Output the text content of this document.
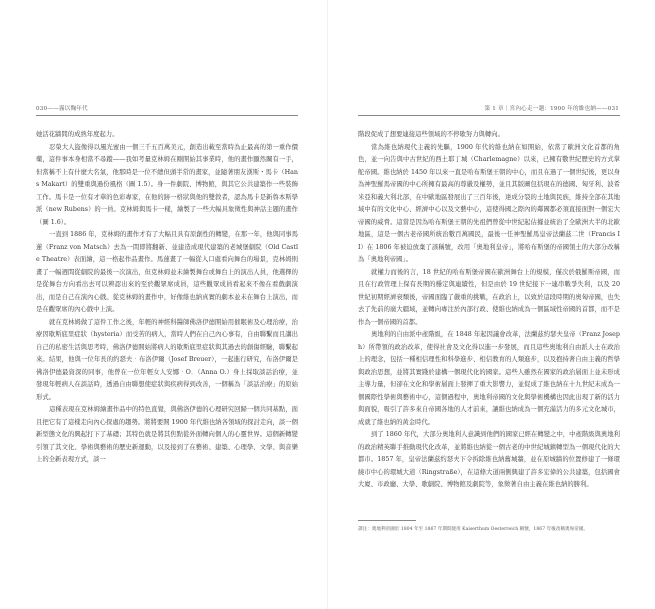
030——霧以麴年代

她活花牆間的成熟年度起力。

忍榮大人盜像得以風光蜜由一個三千五百萬美元，創造出載至當時為止最高的第一重作價藥，這件事本身相當不尋蹤——我如考量克林姆在剛開始其事業時，他的畫作顯然關有一手，但當稱不上有什麼大名氣，他那時是一位不總但頭半常的畫家，並隨著朋友漢斯・馬卡（Hans Makart）的雙重與過份風格（圖 1.5）。身一件劇院、博物館，與其它公共建築作一些裝飾工作。馬卡是一位有才華的色彩專家，在他的跡一格狀與他的雙敘者，認為馬卡是新魯本斯學派（new Rubens）的一員。克林姆與馬卡一樣，繪製了一些大幅具象徵性與神話主題的畫作（圖 1.6）。

一直到 1886 年，克林姆的畫作才有了大幅且具有原創性的轉變，在那一年，他與同事馬蓮（Franz von Matsch）去為一間即將翻新、並建造成現代建築的老城堡劇院（Old Castle Theatre）表面繪，這一格起作品畫作。馬蓮畫了一幅從入口處看向舞台的場景，克林姆則畫了一幅週間從劇院的最後一次演出，但克林姆並未繪製舞台或舞台上的演出人員，他選擇的是從舞台方向看出去可以辨認出來的至於觀眾席成員，這些觀眾成員看起來不像在看戲劇演出，而是自己在演內心戲。從克林姆的畫作中，好像維也納真實的劇本並未在舞台上演出，而是在觀眾席的內心戲中上演。

就在克林姆做了這件工作之後，年輕的神經科醫師佛洛伊德開始用催眠術及心理治療，治療因歇斯底里症狀（hysteria）而受苦的病人，當時人們在自己內心事有，自由聯繫而且講出自己的私密生活與思考時，佛洛伊德開始將病人的歇斯底里症狀與其過去的創傷經驗，聯繫起來。結果，他與一位年長的約瑟夫‧布洛伊爾（Josef Breuer），一起進行研究，布洛伊爾是佛洛伊德最資深的同事，他曾在一位年輕女人安娜‧O．（Anna O.）身上採取談話治療，並發現年輕病人在談話時，透過自由聯想使症狀與疾病得到改善，一個稱為「談話治療」的原始形式。

這種表現在克林姆繪畫作品中的特色直覺，與佛洛伊德的心理研究回歸一個共同基點，面且把它有了這樣走向內心探處的趨勢。將將要開 1900 年代維也納各領域的探討走向，談一個新型態文化的興起打下了基礎；其特色就是將其焦點從外面轉向個人的心靈世界。這個新轉變引領了其文化、學術與藝術的歷史新運動，以及接到了在藝術、建築、心理學、文學、與音樂上的全新表現方式，談一

第 1 章｜宮內心走一趟：1900 年的維也納——031

階段促成了想要連接這些領域的不停歇努力與轉向。

當為維也納現代主義的先驅，1900 年代的維也納在如開始，依當了歐洲文化首都的角色，並一向告與中古世紀的西土耶丁城（Charlemagne）以來，已擁有數世紀歷史的方式掌舵帝國。維也納於 1450 年以來一直是哈布斯堡王朝的中心，而且在過了一個世紀後，更以身為神聖羅馬帝國的中心所擁有最高的尊嚴及權勢，並且其版圖包括現在的德國、匈牙利、波希米亞和義大利北部，在中歐地區發展出了三百年後，達成分裂的土地與民族，維持全部在其地域中有的文化中心、經濟中心以及文藝中心，這使得國之際內的鄰國都必須直接面對一個宏大帝國的威脅。這當是因為哈布斯堡王朝的先祖們曾從中世紀起佔據並統治了全歐洲大半的北歐地區，這是一個古老帝國所統治數百萬國民，最後一任神聖羅馬皇帝法蘭茲二世（Francis II）在 1806 年被迫放棄了該稱號，改用「奧地利皇帝」，將哈布斯堡的帝國領土的大部分改稱為「奧地利帝國」。

就權力而後的言，18 世紀的哈布斯堡帝國在歐洲舞台上的規模，僅次於俄羅斯帝國，而且在行政管理上保有長期的穩定與連續性，但是由於 19 世紀接下一連串戰爭失利，以及 20 世紀初期經濟衰頹後，帝國面臨了嚴重的挑戰，在政治上，以致於這段時期的奧匈帝國，也失去了先前的廣大疆域，並轉向專注於內部行政、使維也納成為一個區域性帝國的首都，而不是作為一個帝國的首都。

奧地利的自由派中產階級，在 1848 年起因議會改革，法蘭茲約瑟夫皇帝（Franz Joseph）所帶領的政治改革，使得社會及文化得以進一步發展，而且這些奧地利自由派人士在政治上的理念，包括一種相信理性和科學進步、相信教育的人類進步，以及抱持著自由主義的哲學與政治思想，並將其實踐於建構一個現代化的國家。這些人雖然在國家的政治層面上並未形成主導力量，但卻在文化和學術層面上發揮了重大影響力，並促成了維也納在十九世紀末成為一個國際性學術與藝術中心，這個過程中，奧地利帝國的文化與學術機構也因此出現了新的活力與面貌，吸引了許多來自帝國各地的人才前來，讓維也納成為一個充滿活力的多元文化城市，成就了維也納的黃金時代。

到了 1860 年代，大部分奧地利人意識到他們的國家已經在轉變之中，中產階級與奧地利的政治精英聯手推動現代化改革，並將維也納從一個古老的中世紀城鎮轉型為一個現代化的大都市。1857 年，皇帝法蘭茲約瑟夫下令拆除維也納舊城牆，並在原城牆的位置修建了一條環繞市中心的環城大道（Ringstraße），在這條大道兩側興建了許多宏偉的公共建築，包括國會大廈、市政廳、大學、歌劇院、博物館及劇院等，象徵著自由主義在維也納的勝利。

譯注：奧地利帝國於 1804 年至 1867 年期間使用 Kaiserthum Oesterreich 稱號，1867 年後改稱奧匈帝國。
